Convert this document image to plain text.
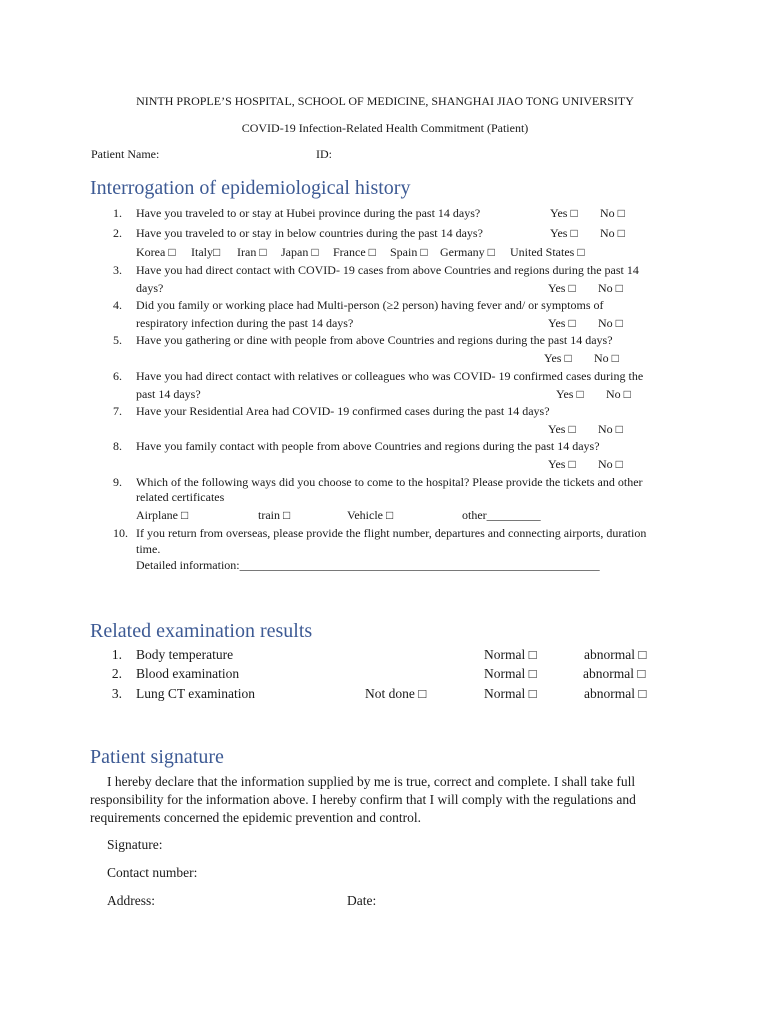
NINTH PROPLE’S HOSPITAL, SCHOOL OF MEDICINE, SHANGHAI JIAO TONG UNIVERSITY
COVID-19 Infection-Related Health Commitment (Patient)
Patient Name:	ID:
Interrogation of epidemiological history
1. Have you traveled to or stay at Hubei province during the past 14 days?	Yes □ No □
2. Have you traveled to or stay in below countries during the past 14 days?	Yes □ No □
Korea □ Italy□ Iran □ Japan □ France □ Spain □ Germany □ United States □
3. Have you had direct contact with COVID- 19 cases from above Countries and regions during the past 14
days?	Yes □ No □
4. Did you family or working place had Multi-person (≥2 person) having fever and/ or symptoms of
respiratory infection during the past 14 days?	Yes □ No □
5. Have you gathering or dine with people from above Countries and regions during the past 14 days?
Yes □ No □
6. Have you had direct contact with relatives or colleagues who was COVID- 19 confirmed cases during the
past 14 days?	Yes □ No □
7. Have your Residential Area had COVID- 19 confirmed cases during the past 14 days?
Yes □ No □
8. Have you family contact with people from above Countries and regions during the past 14 days?
Yes □ No □
9. Which of the following ways did you choose to come to the hospital? Please provide the tickets and other
related certificates
Airplane □	train □	Vehicle □	other_________
10. If you return from overseas, please provide the flight number, departures and connecting airports, duration
time.
Detailed information:____________________________________________________________
Related examination results
1. Body temperature	Normal □	abnormal □
2. Blood examination	Normal □	abnormal □
3. Lung CT examination	Not done □	Normal □	abnormal □
Patient signature
I hereby declare that the information supplied by me is true, correct and complete. I shall take full responsibility for the information above. I hereby confirm that I will comply with the regulations and requirements concerned the epidemic prevention and control.
Signature:
Contact number:
Address:	Date:
